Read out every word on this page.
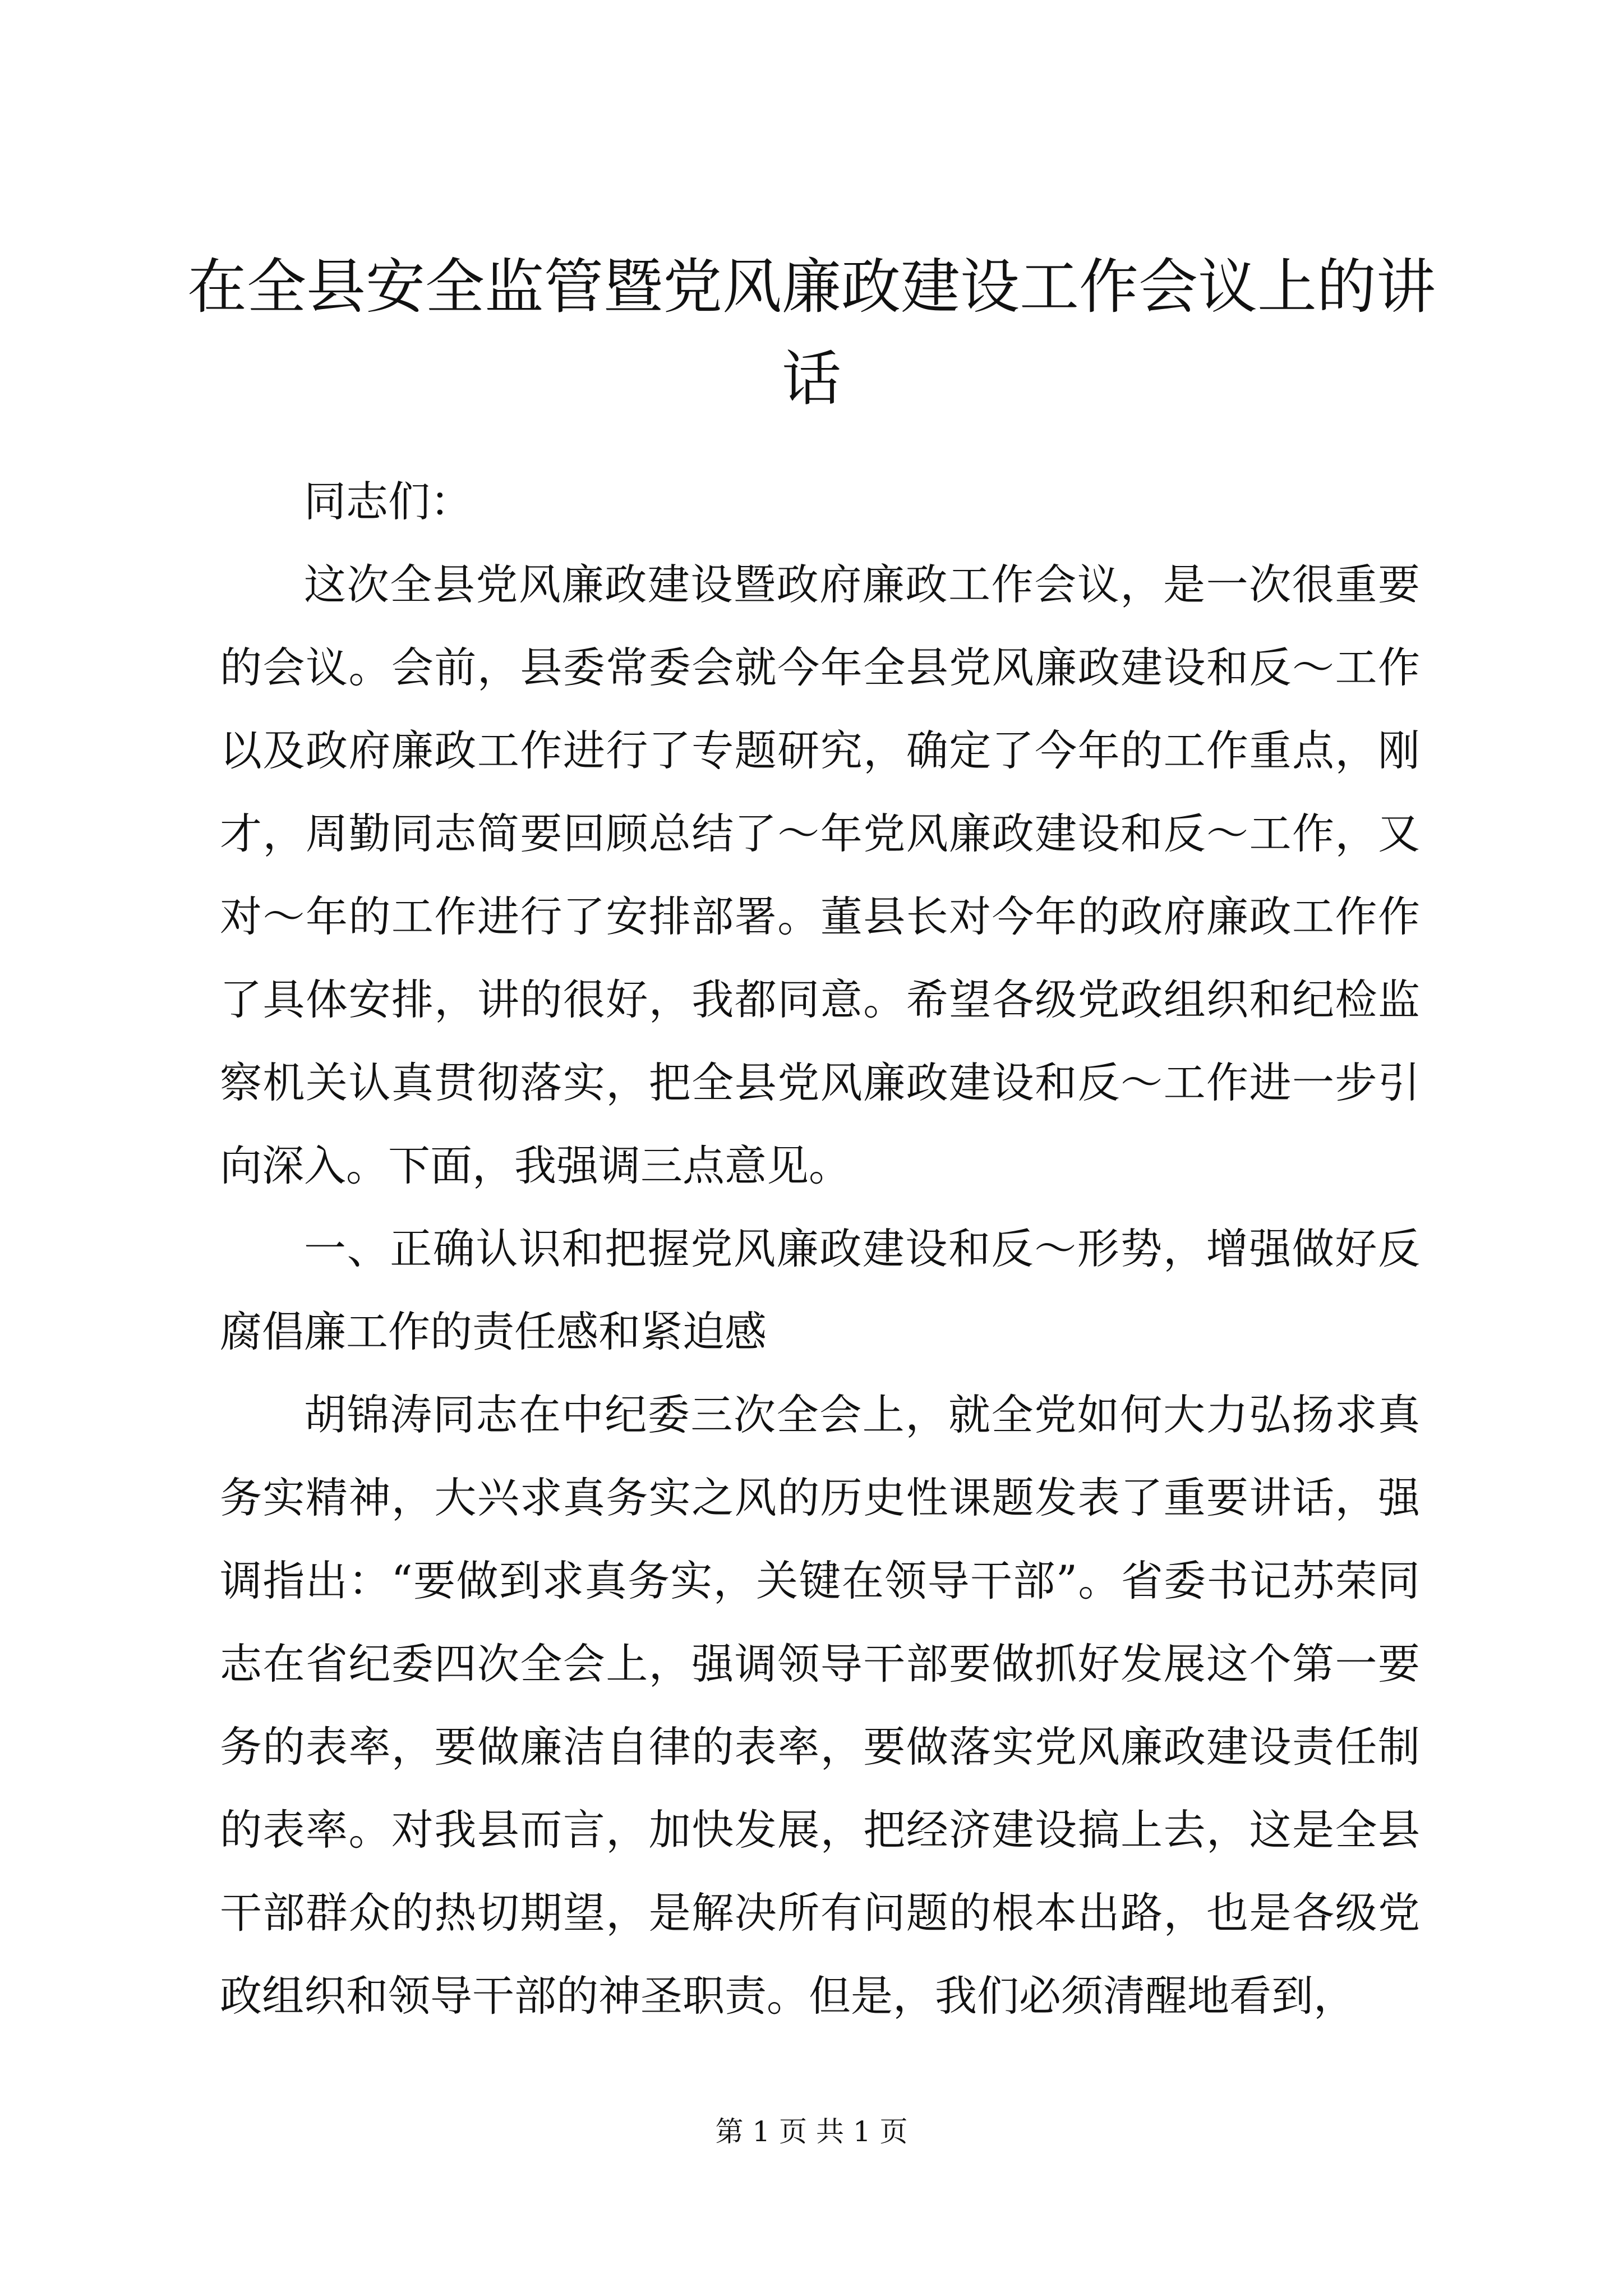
在全县安全监管暨党风廉政建设工作会议上的讲话

同志们：

这次全县党风廉政建设暨政府廉政工作会议，是一次很重要的会议。会前，县委常委会就今年全县党风廉政建设和反～工作以及政府廉政工作进行了专题研究，确定了今年的工作重点，刚才，周勤同志简要回顾总结了～年党风廉政建设和反～工作，又对～年的工作进行了安排部署。董县长对今年的政府廉政工作作了具体安排，讲的很好，我都同意。希望各级党政组织和纪检监察机关认真贯彻落实，把全县党风廉政建设和反～工作进一步引向深入。下面，我强调三点意见。

一、正确认识和把握党风廉政建设和反～形势，增强做好反腐倡廉工作的责任感和紧迫感

胡锦涛同志在中纪委三次全会上，就全党如何大力弘扬求真务实精神，大兴求真务实之风的历史性课题发表了重要讲话，强调指出：“要做到求真务实，关键在领导干部”。省委书记苏荣同志在省纪委四次全会上，强调领导干部要做抓好发展这个第一要务的表率，要做廉洁自律的表率，要做落实党风廉政建设责任制的表率。对我县而言，加快发展，把经济建设搞上去，这是全县干部群众的热切期望，是解决所有问题的根本出路，也是各级党政组织和领导干部的神圣职责。但是，我们必须清醒地看到，

第 1 页 共 1 页
